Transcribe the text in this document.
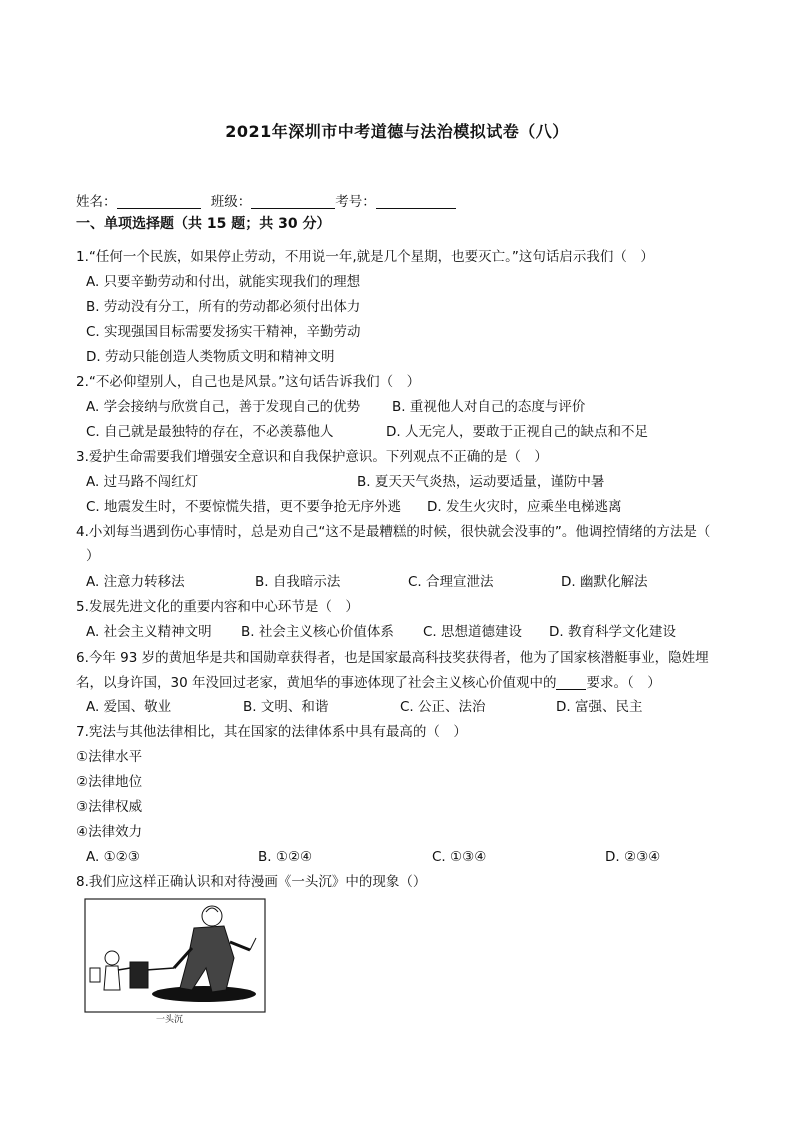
2021年深圳市中考道德与法治模拟试卷（八）
姓名：	班级：	考号：
一、单项选择题（共 15 题；共 30 分）
1.“任何一个民族，如果停止劳动，不用说一年,就是几个星期，也要灭亡。”这句话启示我们（　）
A. 只要辛勤劳动和付出，就能实现我们的理想
B. 劳动没有分工，所有的劳动都必须付出体力
C. 实现强国目标需要发扬实干精神，辛勤劳动
D. 劳动只能创造人类物质文明和精神文明
2.“不必仰望别人，自己也是风景。”这句话告诉我们（　）
A. 学会接纳与欣赏自己，善于发现自己的优势 B. 重视他人对自己的态度与评价
C. 自己就是最独特的存在，不必羡慕他人	D. 人无完人，要敢于正视自己的缺点和不足
3.爱护生命需要我们增强安全意识和自我保护意识。下列观点不正确的是（　）
A. 过马路不闯红灯	B. 夏天天气炎热，运动要适量，谨防中暑
C. 地震发生时，不要惊慌失措，更不要争抢无序外逃 D. 发生火灾时，应乘坐电梯逃离
4.小刘每当遇到伤心事情时，总是劝自己“这不是最糟糕的时候，很快就会没事的”。他调控情绪的方法是（
）
A. 注意力转移法	B. 自我暗示法	C. 合理宣泄法	D. 幽默化解法
5.发展先进文化的重要内容和中心环节是（　）
A. 社会主义精神文明 B. 社会主义核心价值体系 C. 思想道德建设 D. 教育科学文化建设
6.今年 93 岁的黄旭华是共和国勋章获得者，也是国家最高科技奖获得者，他为了国家核潜艇事业，隐姓埋
名，以身许国，30 年没回过老家，黄旭华的事迹体现了社会主义核心价值观中的 要求。（　）
A. 爱国、敬业	B. 文明、和谐	C. 公正、法治	D. 富强、民主
7.宪法与其他法律相比，其在国家的法律体系中具有最高的（　）
①法律水平
②法律地位
③法律权威
④法律效力
A. ①②③	B. ①②④	C. ①③④	D. ②③④
8.我们应这样正确认识和对待漫画《一头沉》中的现象（）
一头沉
